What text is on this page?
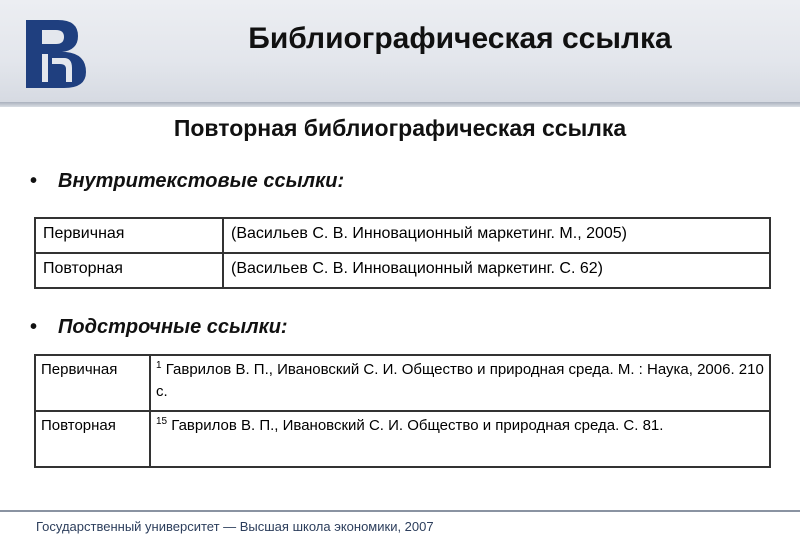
Библиографическая ссылка
Повторная библиографическая ссылка
• Внутритекстовые ссылки:
Первичная	(Васильев С. В. Инновационный маркетинг. М., 2005)
Повторная	(Васильев С. В. Инновационный маркетинг. С. 62)
• Подстрочные ссылки:
Первичная	$^1$ Гаврилов В. П., Ивановский С. И. Общество и природная среда. М. : Наука, 2006. 210 с.
Повторная	$^{15}$ Гаврилов В. П., Ивановский С. И. Общество и природная среда. С. 81.
Государственный университет — Высшая школа экономики, 2007
